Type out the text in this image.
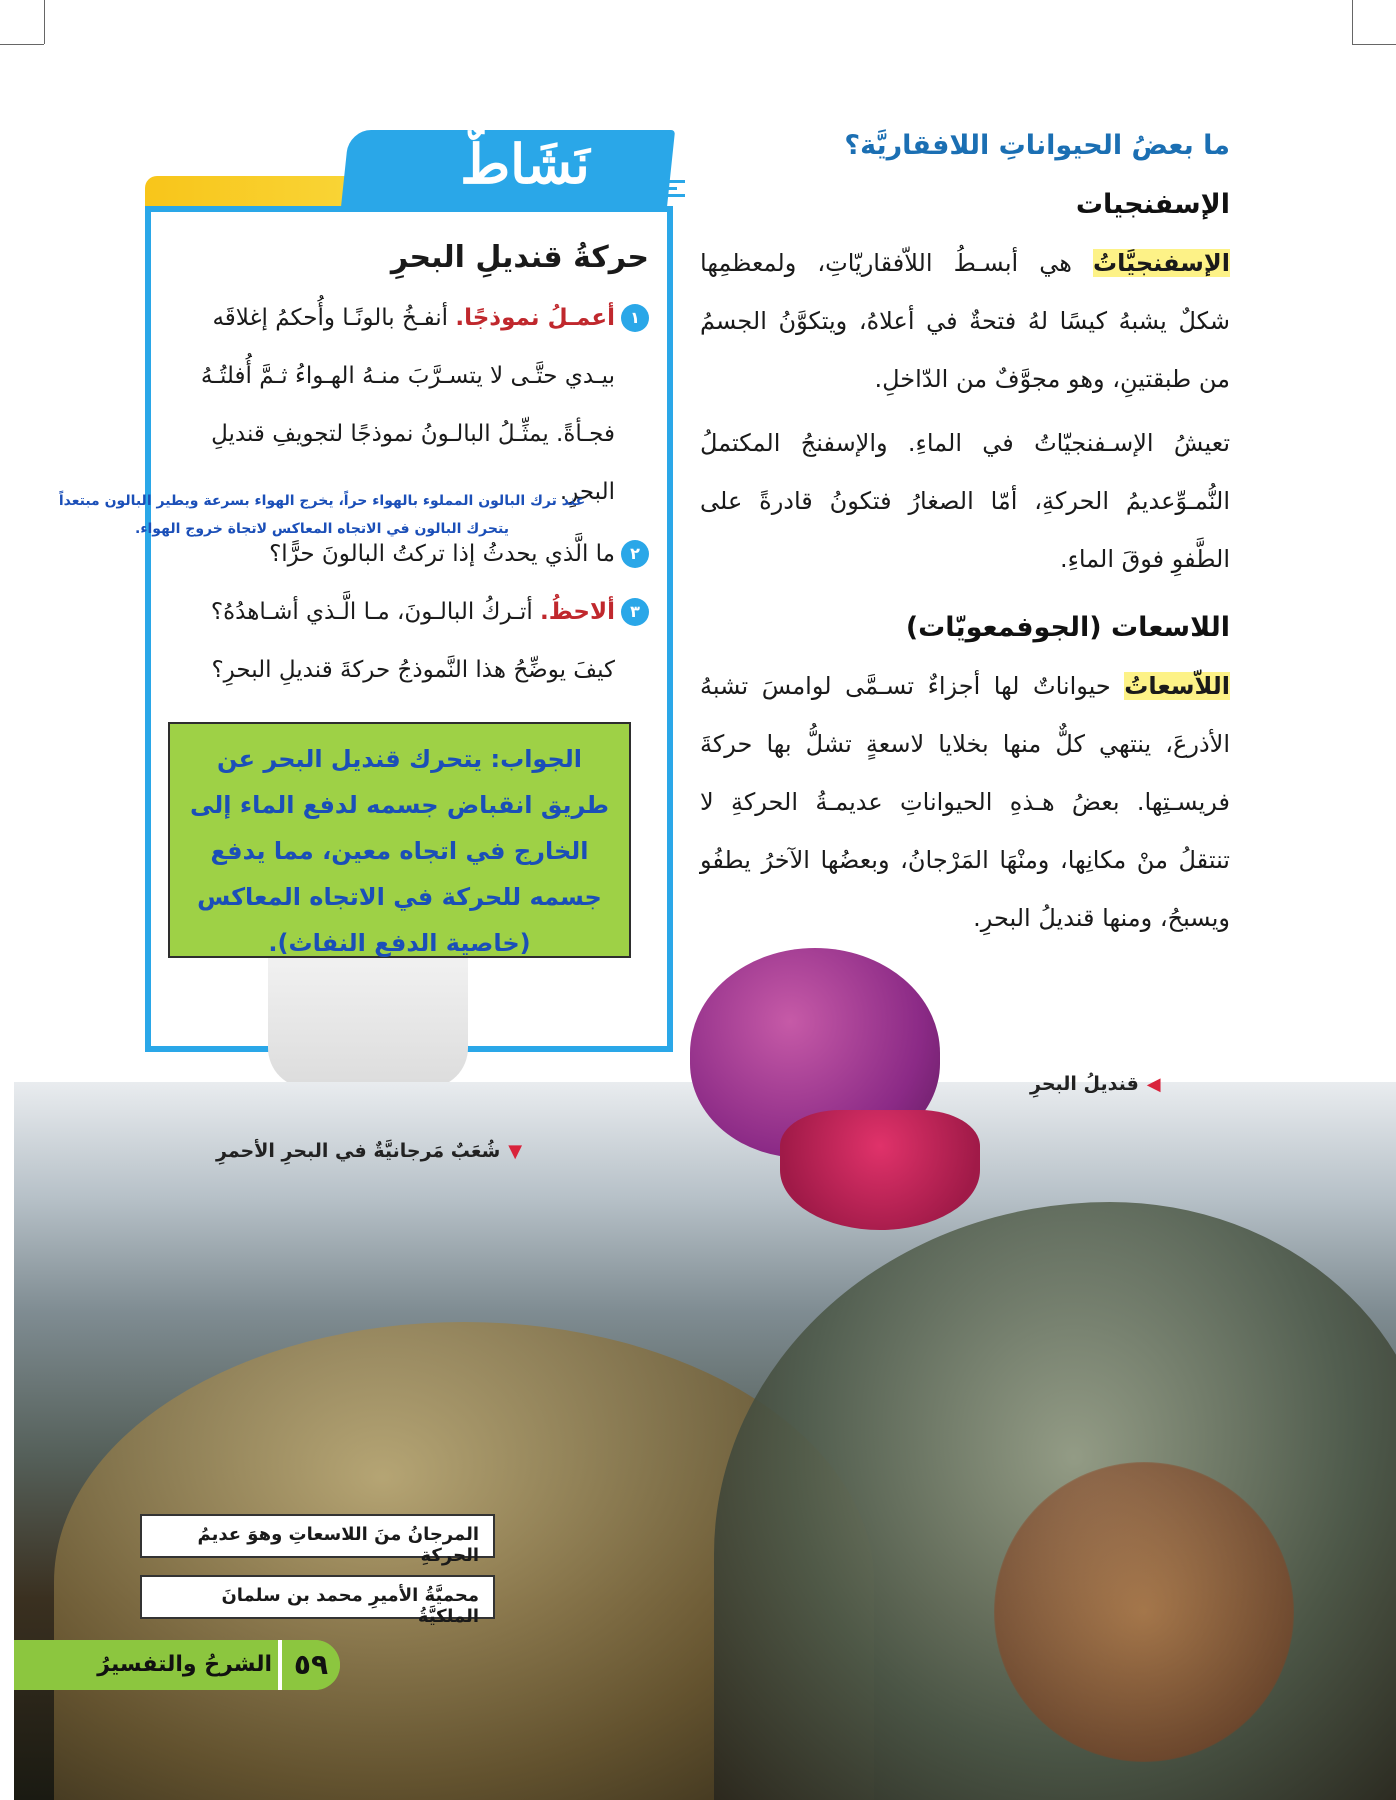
ما بعضُ الحيواناتِ اللافقاريَّة؟
الإسفنجيات

الإسفنجيَّاتُ هي أبسـطُ اللاّفقاريّاتِ، ولمعظمِها شكلٌ يشبهُ كيسًا لهُ فتحةٌ في أعلاهُ، ويتكوَّنُ الجسمُ من طبقتينِ، وهو مجوَّفٌ من الدّاخلِ.

تعيشُ الإسـفنجيّاتُ في الماءِ. والإسفنجُ المكتملُ النُّمـوِّعديمُ الحركةِ، أمّا الصغارُ فتكونُ قادرةً على الطَّفوِ فوقَ الماءِ.

اللاسعات (الجوفمعويّات)

اللاّسعاتُ حيواناتٌ لها أجزاءٌ تسـمَّى لوامسَ تشبهُ الأذرعَ، ينتهي كلٌّ منها بخلايا لاسعةٍ تشلُّ بها حركةَ فريسـتِها. بعضُ هـذهِ الحيواناتِ عديمـةُ الحركةِ لا تنتقلُ منْ مكانِها، ومنْهَا المَرْجانُ، وبعضُها الآخرُ يطفُو ويسبحُ، ومنها قنديلُ البحرِ.

نَشَاطٌ
حركةُ قنديلِ البحرِ
١
أعمـلُ نموذجًا. أنفـخُ بالونًـا وأُحكمُ إغلاقَه بيـدي حتَّـى لا يتسـرَّبَ منـهُ الهـواءُ ثـمَّ أُفلتُـهُ فجـأةً. يمثِّـلُ البالـونُ نموذجًا لتجويفِ قنديلِ البحرِ.
٢
ما الَّذي يحدثُ إذا تركتُ البالونَ حرًّا؟
٣
ألاحظُ. أتـركُ البالـونَ، مـا الَّـذي أشـاهدُهُ؟
كيفَ يوضِّحُ هذا النَّموذجُ حركةَ قنديلِ البحرِ؟
عند ترك البالون المملوء بالهواء حراً، يخرج الهواء بسرعة ويطير البالون مبتعداً
يتحرك البالون في الاتجاه المعاكس لاتجاة خروج الهواء.
الجواب: يتحرك قنديل البحر عن طريق انقباض جسمه لدفع الماء إلى الخارج في اتجاه معين، مما يدفع جسمه للحركة في الاتجاه المعاكس (خاصية الدفع النفاث).
◀قنديلُ البحرِ
▼شُعَبٌ مَرجانيَّةٌ في البحرِ الأحمرِ
المرجانُ منَ اللاسعاتِ وهوَ عديمُ الحركةِ
محميَّةُ الأميرِ محمد بن سلمانَ الملكيَّةُ
الشرحُ والتفسيرُ ٥٩
